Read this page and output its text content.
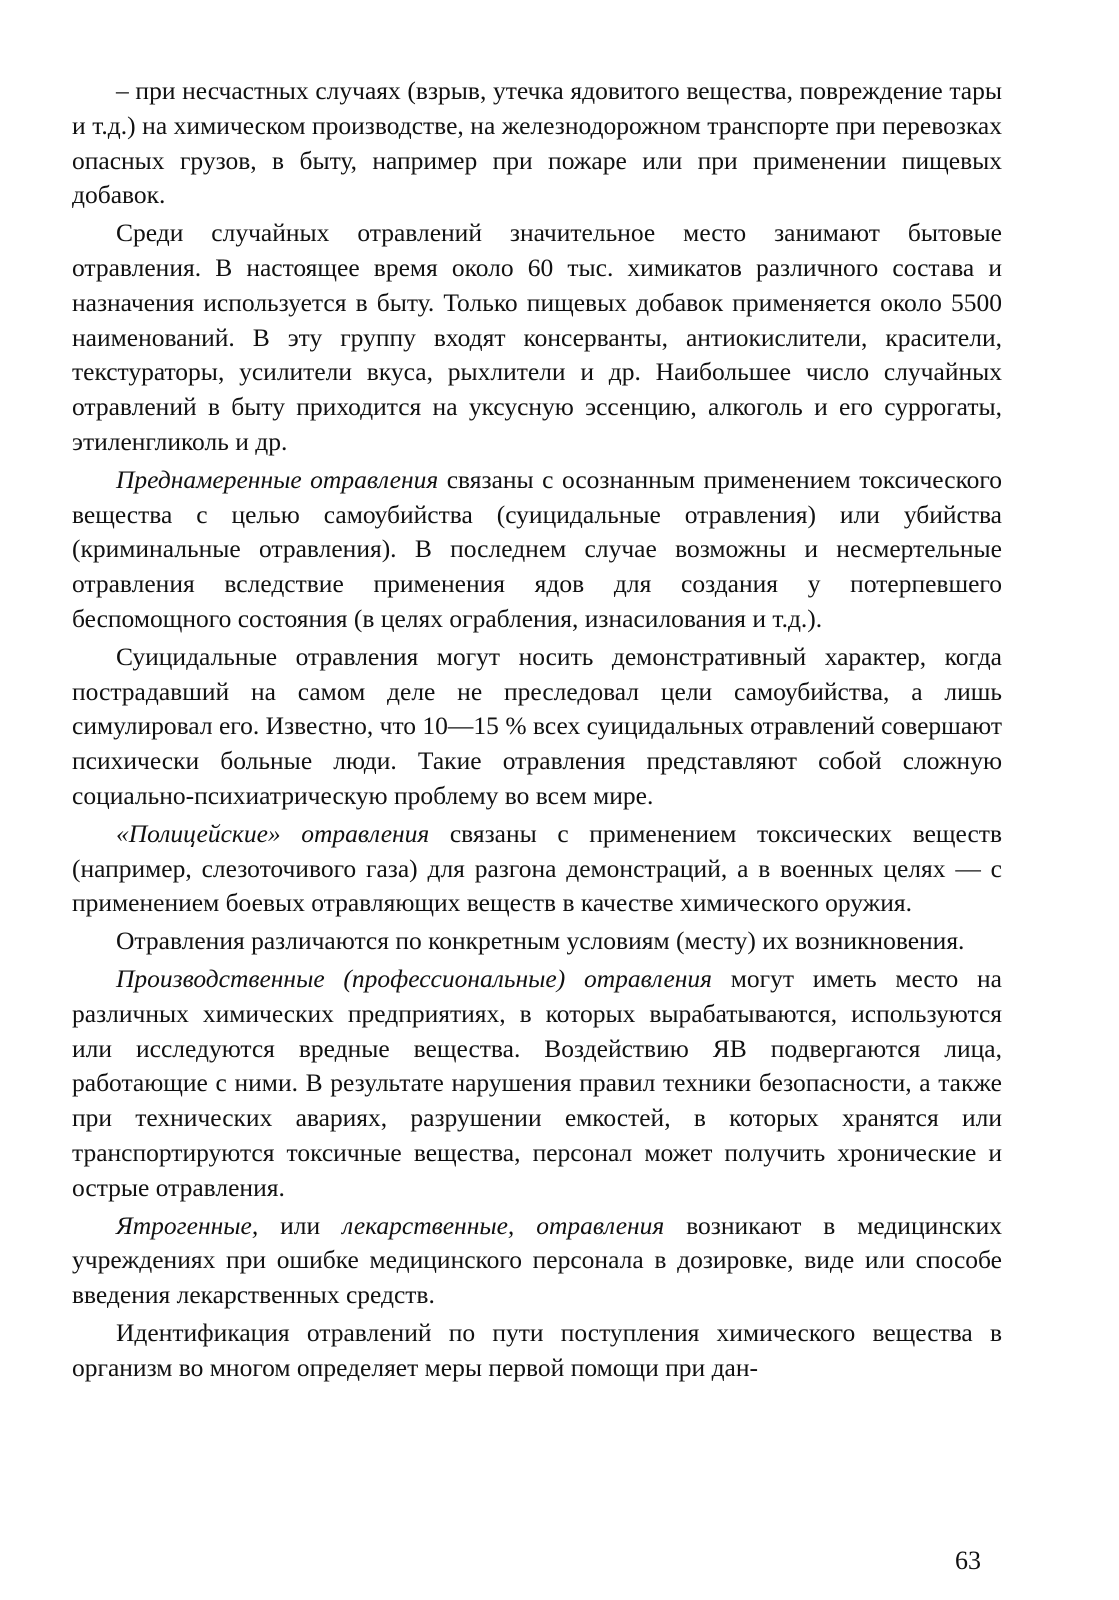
– при несчастных случаях (взрыв, утечка ядовитого вещества, повреждение тары и т.д.) на химическом производстве, на железнодорожном транспорте при перевозках опасных грузов, в быту, например при пожаре или при применении пищевых добавок.

Среди случайных отравлений значительное место занимают бытовые отравления. В настоящее время около 60 тыс. химикатов различного состава и назначения используется в быту. Только пищевых добавок применяется около 5500 наименований. В эту группу входят консерванты, антиокислители, красители, текстураторы, усилители вкуса, рыхлители и др. Наибольшее число случайных отравлений в быту приходится на уксусную эссенцию, алкоголь и его суррогаты, этиленгликоль и др.

Преднамеренные отравления связаны с осознанным применением токсического вещества с целью самоубийства (суицидальные отравления) или убийства (криминальные отравления). В последнем случае возможны и несмертельные отравления вследствие применения ядов для создания у потерпевшего беспомощного состояния (в целях ограбления, изнасилования и т.д.).

Суицидальные отравления могут носить демонстративный характер, когда пострадавший на самом деле не преследовал цели самоубийства, а лишь симулировал его. Известно, что 10—15 % всех суицидальных отравлений совершают психически больные люди. Такие отравления представляют собой сложную социально-психиатрическую проблему во всем мире.

«Полицейские» отравления связаны с применением токсических веществ (например, слезоточивого газа) для разгона демонстраций, а в военных целях — с применением боевых отравляющих веществ в качестве химического оружия.

Отравления различаются по конкретным условиям (месту) их возникновения.

Производственные (профессиональные) отравления могут иметь место на различных химических предприятиях, в которых вырабатываются, используются или исследуются вредные вещества. Воздействию ЯВ подвергаются лица, работающие с ними. В результате нарушения правил техники безопасности, а также при технических авариях, разрушении емкостей, в которых хранятся или транспортируются токсичные вещества, персонал может получить хронические и острые отравления.

Ятрогенные, или лекарственные, отравления возникают в медицинских учреждениях при ошибке медицинского персонала в дозировке, виде или способе введения лекарственных средств.

Идентификация отравлений по пути поступления химического вещества в организм во многом определяет меры первой помощи при дан-

63
